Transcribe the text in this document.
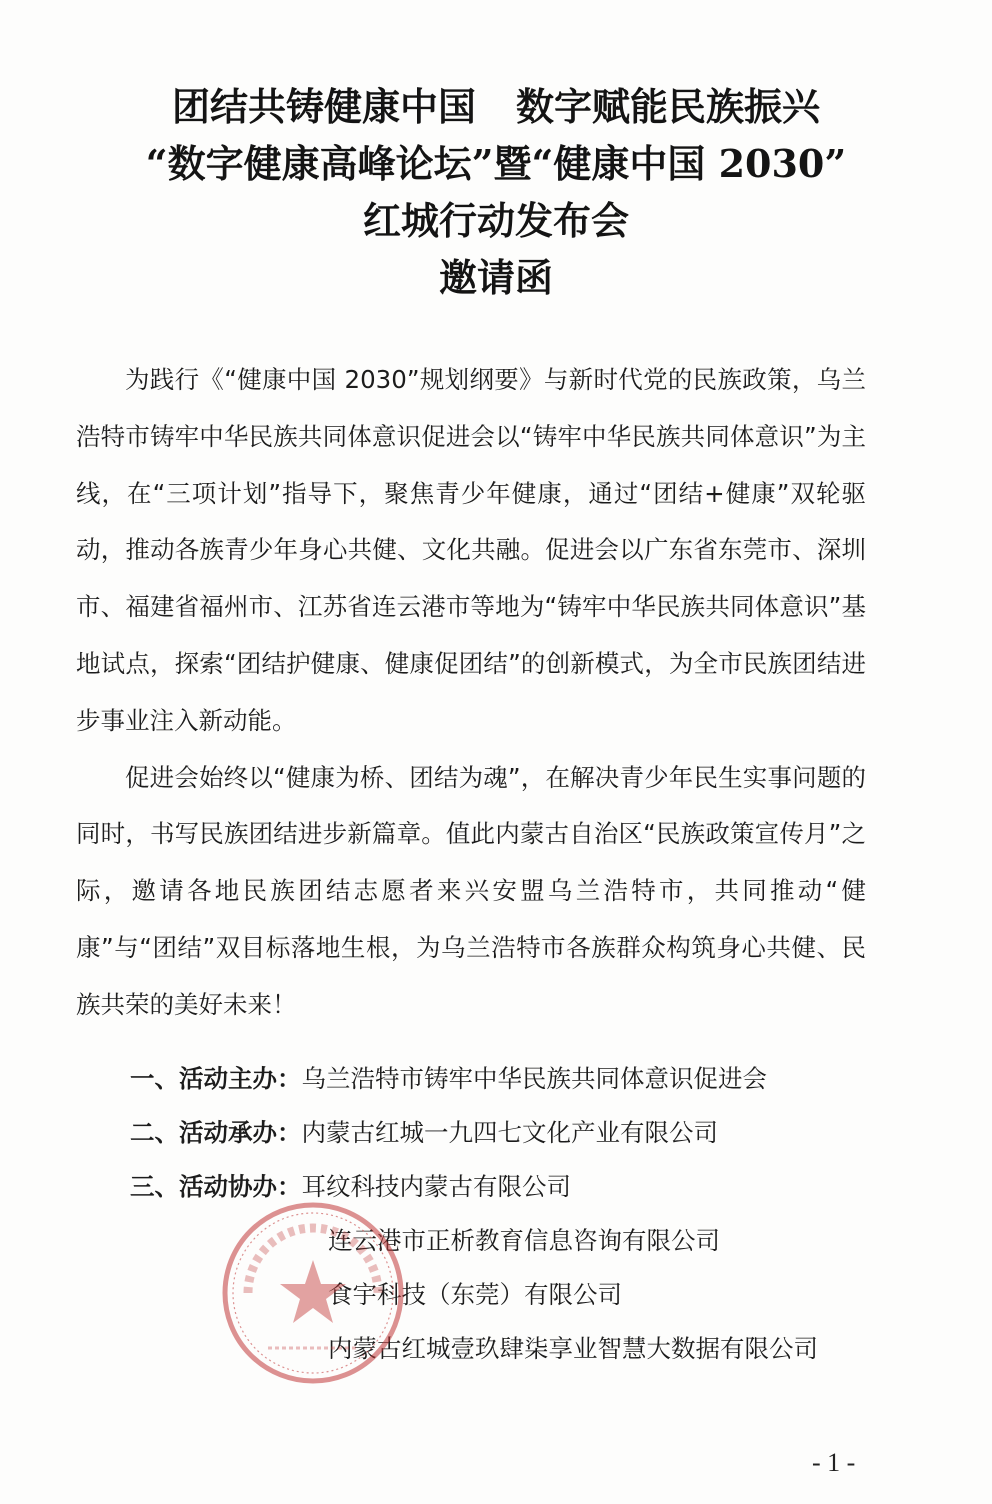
团结共铸健康中国 数字赋能民族振兴
“数字健康高峰论坛”暨“健康中国 2030”
红城行动发布会
邀请函

为践行《“健康中国 2030”规划纲要》与新时代党的民族政策，乌兰浩特市铸牢中华民族共同体意识促进会以“铸牢中华民族共同体意识”为主线，在“三项计划”指导下，聚焦青少年健康，通过“团结+健康”双轮驱动，推动各族青少年身心共健、文化共融。促进会以广东省东莞市、深圳市、福建省福州市、江苏省连云港市等地为“铸牢中华民族共同体意识”基地试点，探索“团结护健康、健康促团结”的创新模式，为全市民族团结进步事业注入新动能。

促进会始终以“健康为桥、团结为魂”，在解决青少年民生实事问题的同时，书写民族团结进步新篇章。值此内蒙古自治区“民族政策宣传月”之际，邀请各地民族团结志愿者来兴安盟乌兰浩特市，共同推动“健康”与“团结”双目标落地生根，为乌兰浩特市各族群众构筑身心共健、民族共荣的美好未来！

一、活动主办：乌兰浩特市铸牢中华民族共同体意识促进会
二、活动承办：内蒙古红城一九四七文化产业有限公司
三、活动协办：耳纹科技内蒙古有限公司
连云港市正析教育信息咨询有限公司
食宇科技（东莞）有限公司
内蒙古红城壹玖肆柒享业智慧大数据有限公司
- 1 -
